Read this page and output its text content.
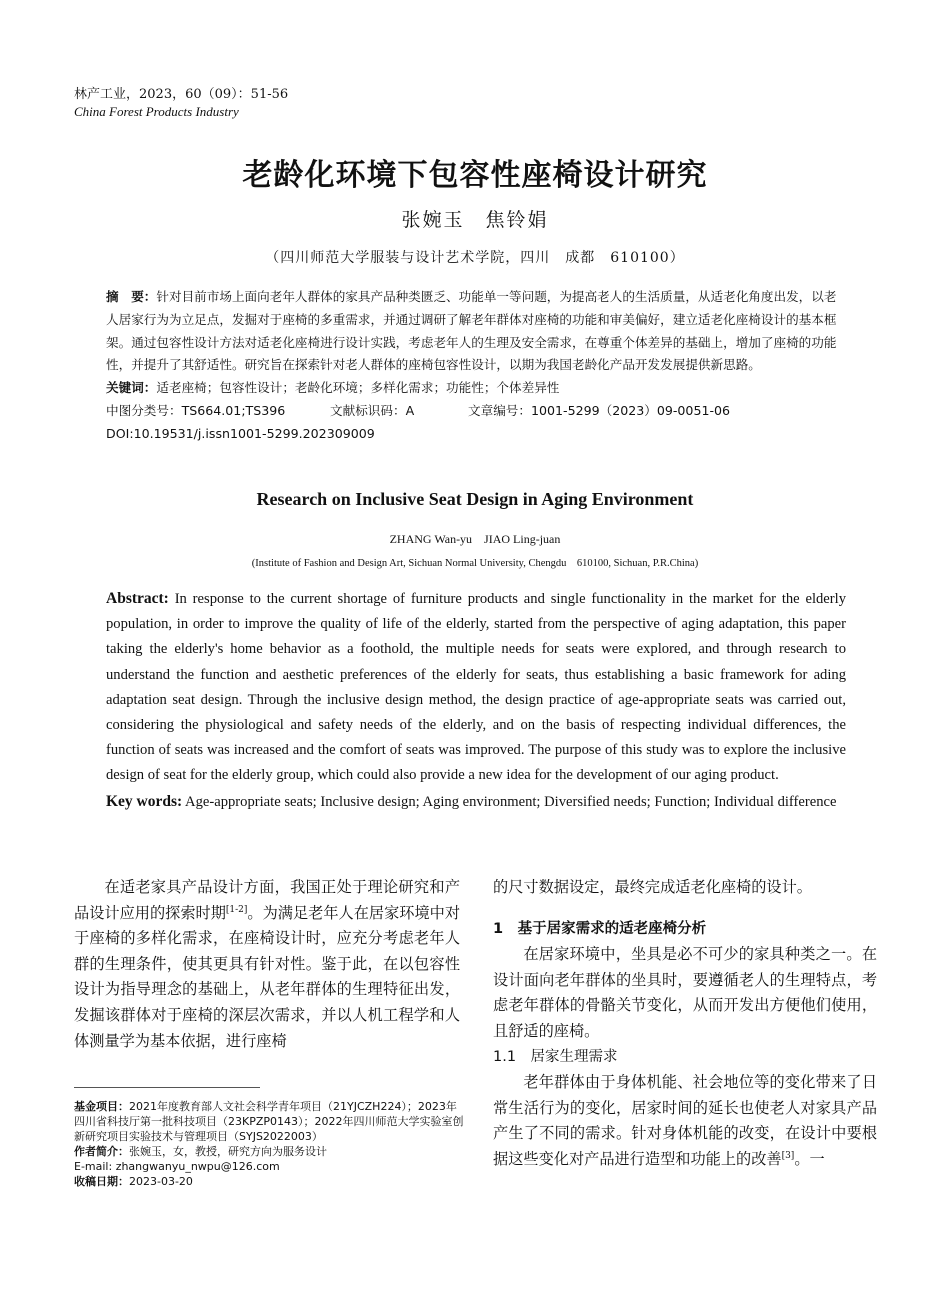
林产工业，2023，60（09）：51-56
China Forest Products Industry
老龄化环境下包容性座椅设计研究
张婉玉　焦铃娟
（四川师范大学服装与设计艺术学院，四川　成都　610100）

摘　要：针对目前市场上面向老年人群体的家具产品种类匮乏、功能单一等问题，为提高老人的生活质量，从适老化角度出发，以老人居家行为为立足点，发掘对于座椅的多重需求，并通过调研了解老年群体对座椅的功能和审美偏好，建立适老化座椅设计的基本框架。通过包容性设计方法对适老化座椅进行设计实践，考虑老年人的生理及安全需求，在尊重个体差异的基础上，增加了座椅的功能性，并提升了其舒适性。研究旨在探索针对老人群体的座椅包容性设计，以期为我国老龄化产品开发发展提供新思路。

关键词：适老座椅；包容性设计；老龄化环境；多样化需求；功能性；个体差异性

中图分类号：TS664.01;TS396	文献标识码：A	文章编号：1001-5299（2023）09-0051-06

DOI:10.19531/j.issn1001-5299.202309009

Research on Inclusive Seat Design in Aging Environment
ZHANG Wan-yu　JIAO Ling-juan
(Institute of Fashion and Design Art, Sichuan Normal University, Chengdu　610100, Sichuan, P.R.China)

Abstract: In response to the current shortage of furniture products and single functionality in the market for the elderly population, in order to improve the quality of life of the elderly, started from the perspective of aging adaptation, this paper taking the elderly's home behavior as a foothold, the multiple needs for seats were explored, and through research to understand the function and aesthetic preferences of the elderly for seats, thus establishing a basic framework for ading adaptation seat design. Through the inclusive design method, the design practice of age-appropriate seats was carried out, considering the physiological and safety needs of the elderly, and on the basis of respecting individual differences, the function of seats was increased and the comfort of seats was improved. The purpose of this study was to explore the inclusive design of seat for the elderly group, which could also provide a new idea for the development of our aging product.

Key words: Age-appropriate seats; Inclusive design; Aging environment; Diversified needs; Function; Individual difference

在适老家具产品设计方面，我国正处于理论研究和产品设计应用的探索时期[1-2]。为满足老年人在居家环境中对于座椅的多样化需求，在座椅设计时，应充分考虑老年人群的生理条件，使其更具有针对性。鉴于此，在以包容性设计为指导理念的基础上，从老年群体的生理特征出发，发掘该群体对于座椅的深层次需求，并以人机工程学和人体测量学为基本依据，进行座椅

的尺寸数据设定，最终完成适老化座椅的设计。

1　基于居家需求的适老座椅分析

在居家环境中，坐具是必不可少的家具种类之一。在设计面向老年群体的坐具时，要遵循老人的生理特点，考虑老年群体的骨骼关节变化，从而开发出方便他们使用，且舒适的座椅。

1.1　居家生理需求

老年群体由于身体机能、社会地位等的变化带来了日常生活行为的变化，居家时间的延长也使老人对家具产品产生了不同的需求。针对身体机能的改变，在设计中要根据这些变化对产品进行造型和功能上的改善[3]。一

基金项目：2021年度教育部人文社会科学青年项目（21YJCZH224）；2023年四川省科技厅第一批科技项目（23KPZP0143）；2022年四川师范大学实验室创新研究项目实验技术与管理项目（SYJS2022003）

作者简介：张婉玉，女，教授，研究方向为服务设计

E-mail: zhangwanyu_nwpu@126.com

收稿日期：2023-03-20
